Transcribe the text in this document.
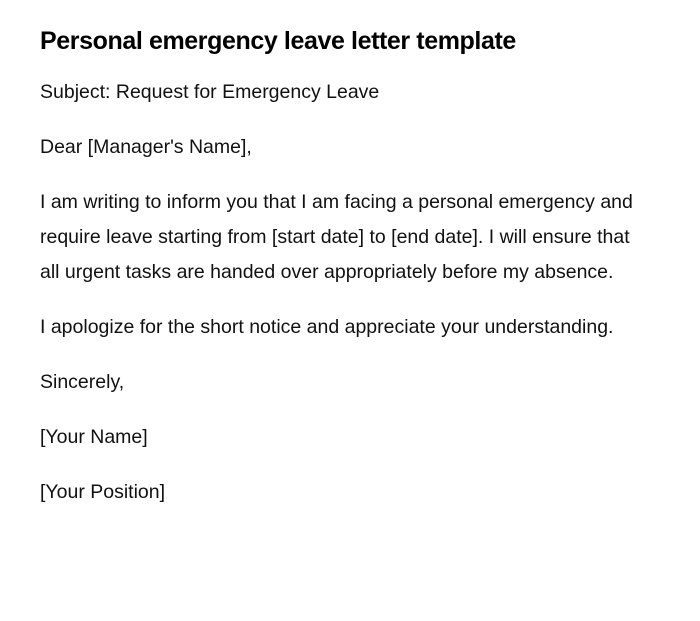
Personal emergency leave letter template

Subject: Request for Emergency Leave

Dear [Manager's Name],

I am writing to inform you that I am facing a personal emergency and require leave starting from [start date] to [end date]. I will ensure that all urgent tasks are handed over appropriately before my absence.

I apologize for the short notice and appreciate your understanding.

Sincerely,

[Your Name]

[Your Position]
